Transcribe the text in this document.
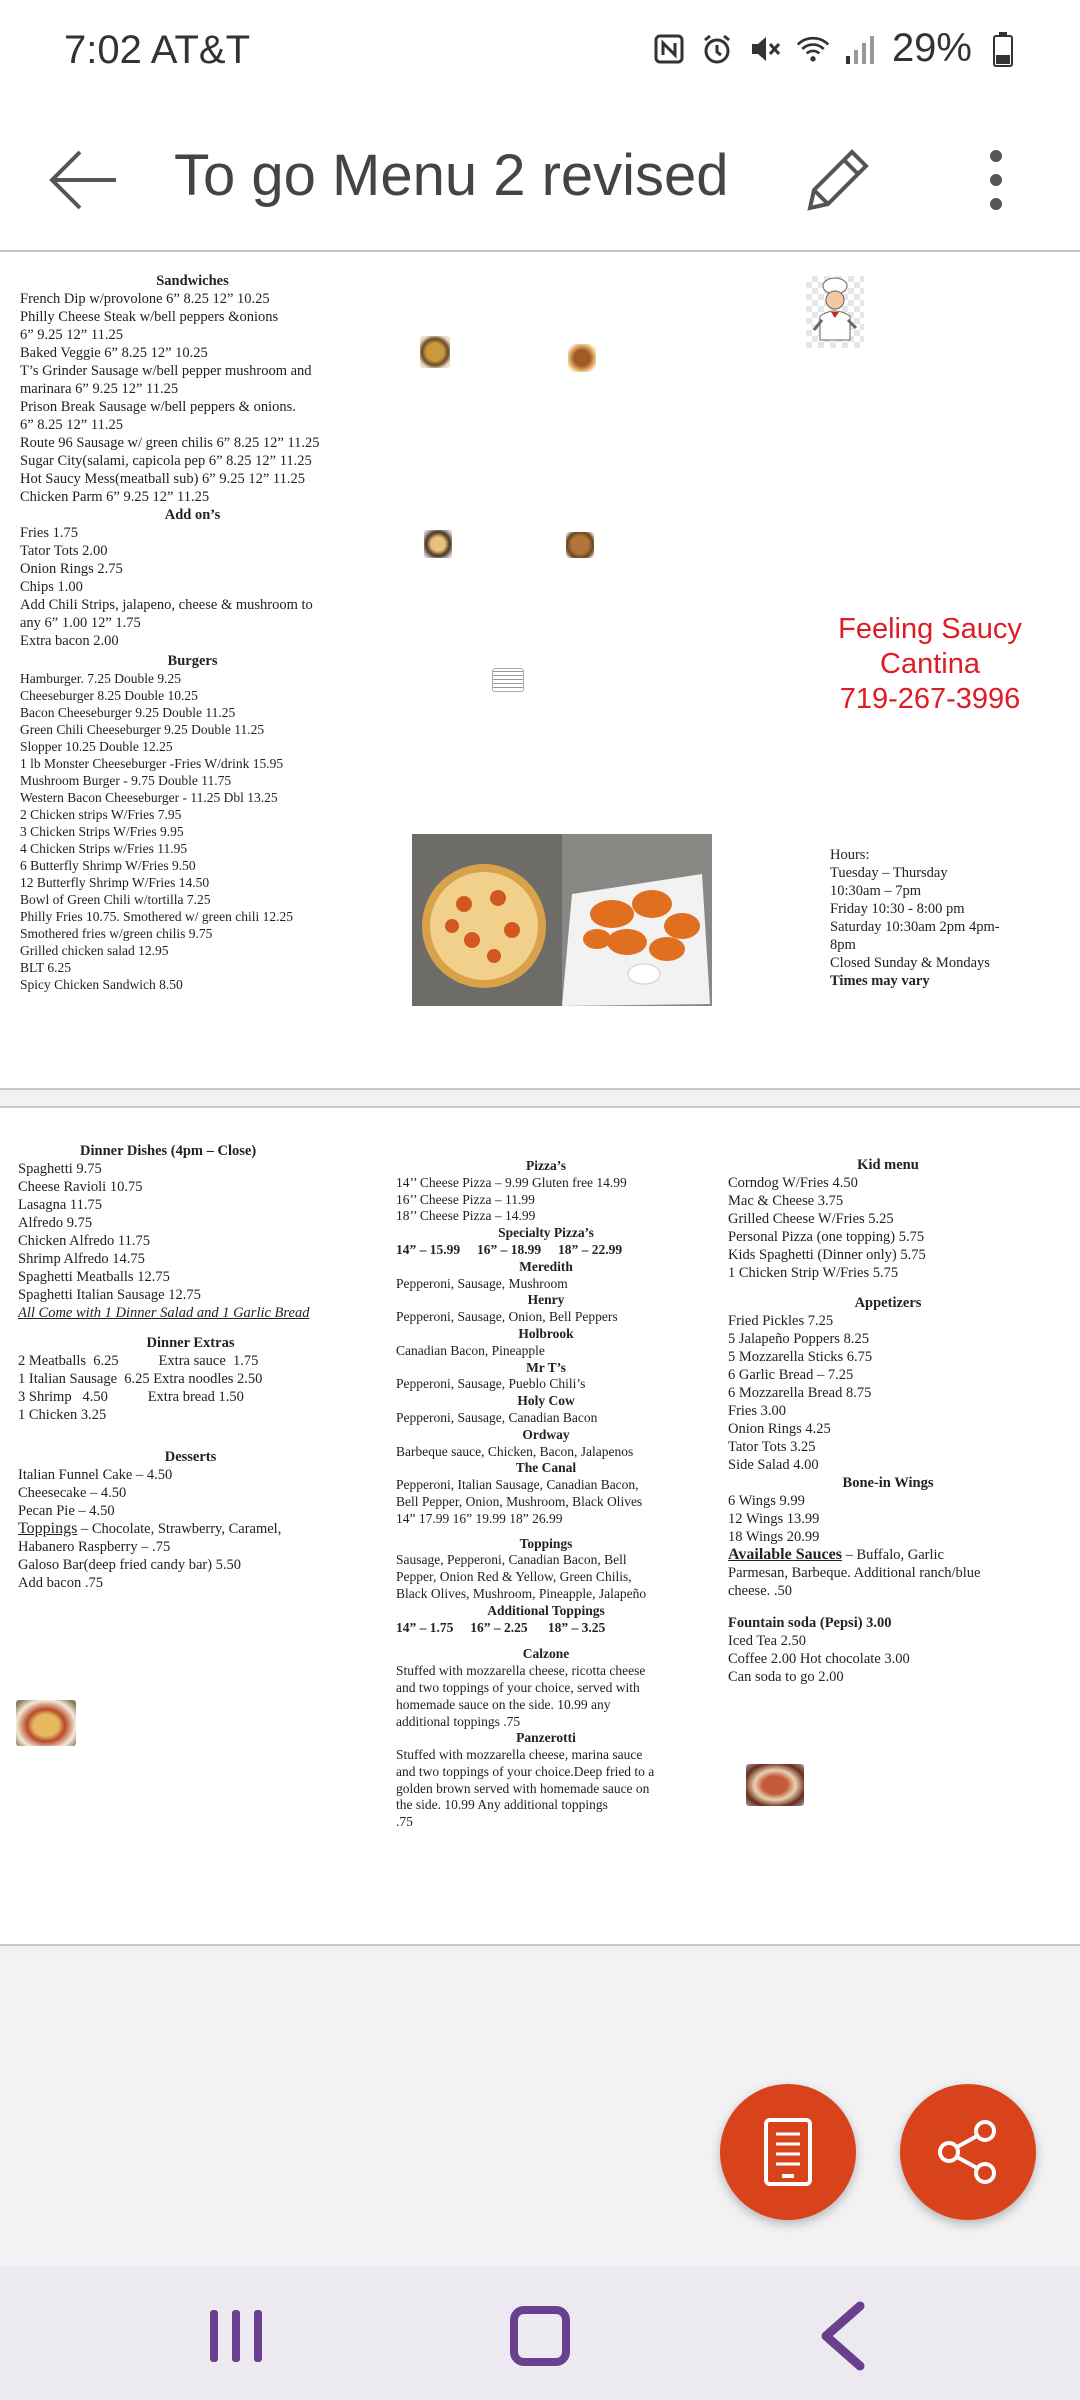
7:02 AT&T	29%
To go Menu 2 revised
Sandwiches
French Dip w/provolone 6” 8.25 12” 10.25
Philly Cheese Steak w/bell peppers &onions
6” 9.25 12” 11.25
Baked Veggie 6” 8.25 12” 10.25
T’s Grinder Sausage w/bell pepper mushroom and
marinara 6” 9.25 12” 11.25
Prison Break Sausage w/bell peppers & onions.
6” 8.25 12” 11.25
Route 96 Sausage w/ green chilis 6” 8.25 12” 11.25
Sugar City(salami, capicola pep 6” 8.25 12” 11.25
Hot Saucy Mess(meatball sub) 6” 9.25 12” 11.25
Chicken Parm 6” 9.25 12” 11.25
Add on’s
Fries 1.75
Tator Tots 2.00
Onion Rings 2.75
Chips 1.00
Add Chili Strips, jalapeno, cheese & mushroom to
any 6” 1.00 12” 1.75
Extra bacon 2.00
Burgers
Hamburger. 7.25 Double 9.25
Cheeseburger 8.25 Double 10.25
Bacon Cheeseburger 9.25 Double 11.25
Green Chili Cheeseburger 9.25 Double 11.25
Slopper 10.25 Double 12.25
1 lb Monster Cheeseburger -Fries W/drink 15.95
Mushroom Burger - 9.75 Double 11.75
Western Bacon Cheeseburger - 11.25 Dbl 13.25
2 Chicken strips W/Fries 7.95
3 Chicken Strips W/Fries 9.95
4 Chicken Strips w/Fries 11.95
6 Butterfly Shrimp W/Fries 9.50
12 Butterfly Shrimp W/Fries 14.50
Bowl of Green Chili w/tortilla 7.25
Philly Fries 10.75. Smothered w/ green chili 12.25
Smothered fries w/green chilis 9.75
Grilled chicken salad 12.95
BLT 6.25
Spicy Chicken Sandwich 8.50
Feeling Saucy
Cantina
719-267-3996
Hours:
Tuesday – Thursday
10:30am – 7pm
Friday 10:30 - 8:00 pm
Saturday 10:30am 2pm 4pm-
8pm
Closed Sunday & Mondays
Times may vary
Dinner Dishes (4pm – Close)
Spaghetti 9.75
Cheese Ravioli 10.75
Lasagna 11.75
Alfredo 9.75
Chicken Alfredo 11.75
Shrimp Alfredo 14.75
Spaghetti Meatballs 12.75
Spaghetti Italian Sausage 12.75
All Come with 1 Dinner Salad and 1 Garlic Bread
Dinner Extras
2 Meatballs  6.25           Extra sauce  1.75
1 Italian Sausage  6.25 Extra noodles 2.50
3 Shrimp   4.50           Extra bread 1.50
1 Chicken 3.25
Desserts
Italian Funnel Cake – 4.50
Cheesecake – 4.50
Pecan Pie – 4.50
Toppings – Chocolate, Strawberry, Caramel,
Habanero Raspberry – .75
Galoso Bar(deep fried candy bar) 5.50
Add bacon .75
Pizza’s
14’’ Cheese Pizza – 9.99 Gluten free 14.99
16’’ Cheese Pizza – 11.99
18’’ Cheese Pizza – 14.99
Specialty Pizza’s
14” – 15.99     16” – 18.99     18” – 22.99
Meredith
Pepperoni, Sausage, Mushroom
Henry
Pepperoni, Sausage, Onion, Bell Peppers
Holbrook
Canadian Bacon, Pineapple
Mr T’s
Pepperoni, Sausage, Pueblo Chili’s
Holy Cow
Pepperoni, Sausage, Canadian Bacon
Ordway
Barbeque sauce, Chicken, Bacon, Jalapenos
The Canal
Pepperoni, Italian Sausage, Canadian Bacon,
Bell Pepper, Onion, Mushroom, Black Olives
14” 17.99 16” 19.99 18” 26.99
Toppings
Sausage, Pepperoni, Canadian Bacon, Bell
Pepper, Onion Red & Yellow, Green Chilis,
Black Olives, Mushroom, Pineapple, Jalapeño
Additional Toppings
14” – 1.75     16” – 2.25      18” – 3.25
Calzone
Stuffed with mozzarella cheese, ricotta cheese
and two toppings of your choice, served with
homemade sauce on the side. 10.99 any
additional toppings .75
Panzerotti
Stuffed with mozzarella cheese, marina sauce
and two toppings of your choice.Deep fried to a
golden brown served with homemade sauce on
the side. 10.99 Any additional toppings
.75
Kid menu
Corndog W/Fries 4.50
Mac & Cheese 3.75
Grilled Cheese W/Fries 5.25
Personal Pizza (one topping) 5.75
Kids Spaghetti (Dinner only) 5.75
1 Chicken Strip W/Fries 5.75
Appetizers
Fried Pickles 7.25
5 Jalapeño Poppers 8.25
5 Mozzarella Sticks 6.75
6 Garlic Bread – 7.25
6 Mozzarella Bread 8.75
Fries 3.00
Onion Rings 4.25
Tator Tots 3.25
Side Salad 4.00
Bone-in Wings
6 Wings 9.99
12 Wings 13.99
18 Wings 20.99
Available Sauces – Buffalo, Garlic
Parmesan, Barbeque. Additional ranch/blue
cheese. .50
Fountain soda (Pepsi) 3.00
Iced Tea 2.50
Coffee 2.00 Hot chocolate 3.00
Can soda to go 2.00
